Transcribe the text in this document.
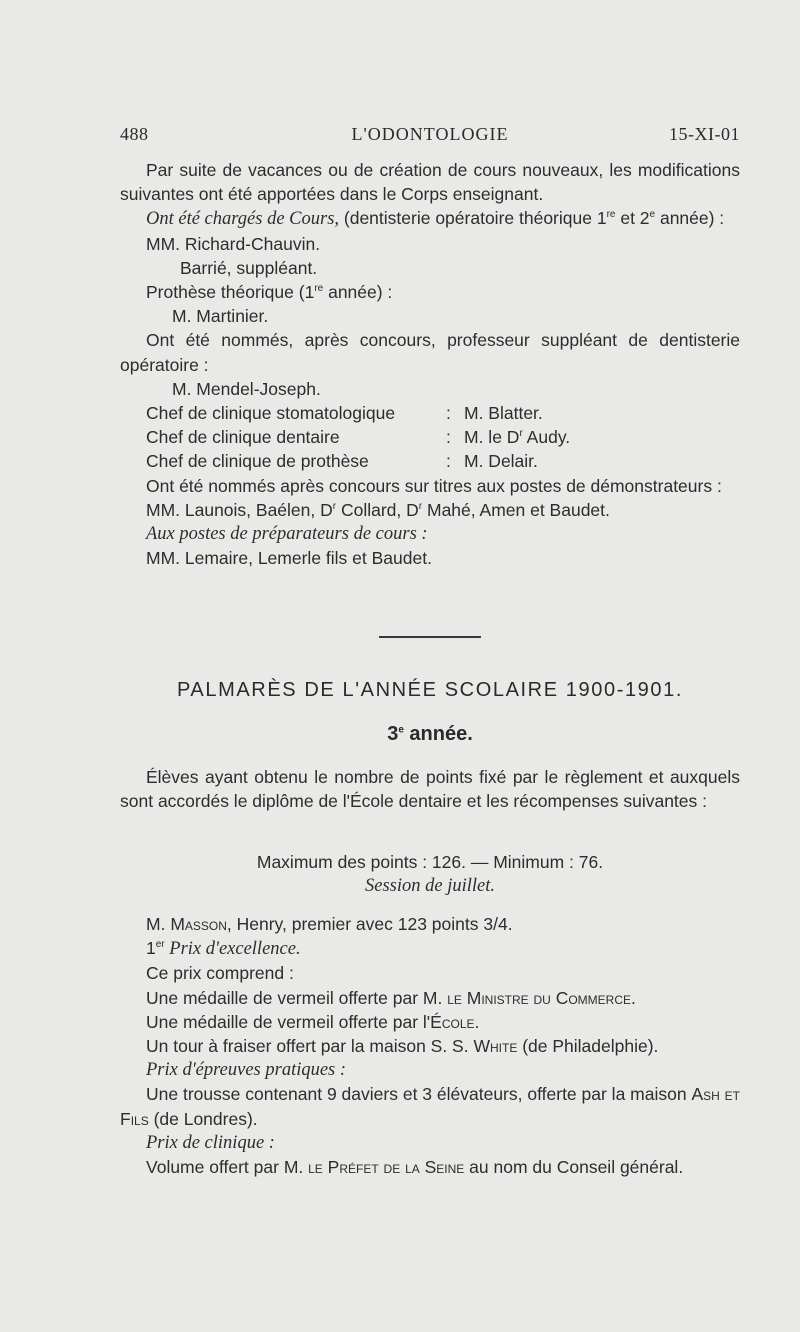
488	L'ODONTOLOGIE	15-XI-01

Par suite de vacances ou de création de cours nouveaux, les modifications suivantes ont été apportées dans le Corps enseignant.

Ont été chargés de Cours, (dentisterie opératoire théorique 1re et 2e année) :

MM. Richard-Chauvin.

Barrié, suppléant.

Prothèse théorique (1re année) :

M. Martinier.

Ont été nommés, après concours, professeur suppléant de dentisterie opératoire :

M. Mendel-Joseph.

Chef de clinique stomatologique	: M. Blatter.
Chef de clinique dentaire	: M. le $D^r$ Audy.
Chef de clinique de prothèse	: M. Delair.

Ont été nommés après concours sur titres aux postes de démonstrateurs :

MM. Launois, Baélen, $D^r$ Collard, $D^r$ Mahé, Amen et Baudet.

Aux postes de préparateurs de cours :

MM. Lemaire, Lemerle fils et Baudet.

PALMARÈS DE L'ANNÉE SCOLAIRE 1900-1901.
3e année.

Élèves ayant obtenu le nombre de points fixé par le règlement et auxquels sont accordés le diplôme de l'École dentaire et les récompenses suivantes :

Maximum des points : 126. — Minimum : 76.

Session de juillet.

M. Masson, Henry, premier avec 123 points 3/4.

1er Prix d'excellence.

Ce prix comprend :

Une médaille de vermeil offerte par M. le Ministre du Commerce.

Une médaille de vermeil offerte par l'École.

Un tour à fraiser offert par la maison S. S. White (de Philadelphie).

Prix d'épreuves pratiques :

Une trousse contenant 9 daviers et 3 élévateurs, offerte par la maison Ash et Fils (de Londres).

Prix de clinique :

Volume offert par M. le Préfet de la Seine au nom du Conseil général.
